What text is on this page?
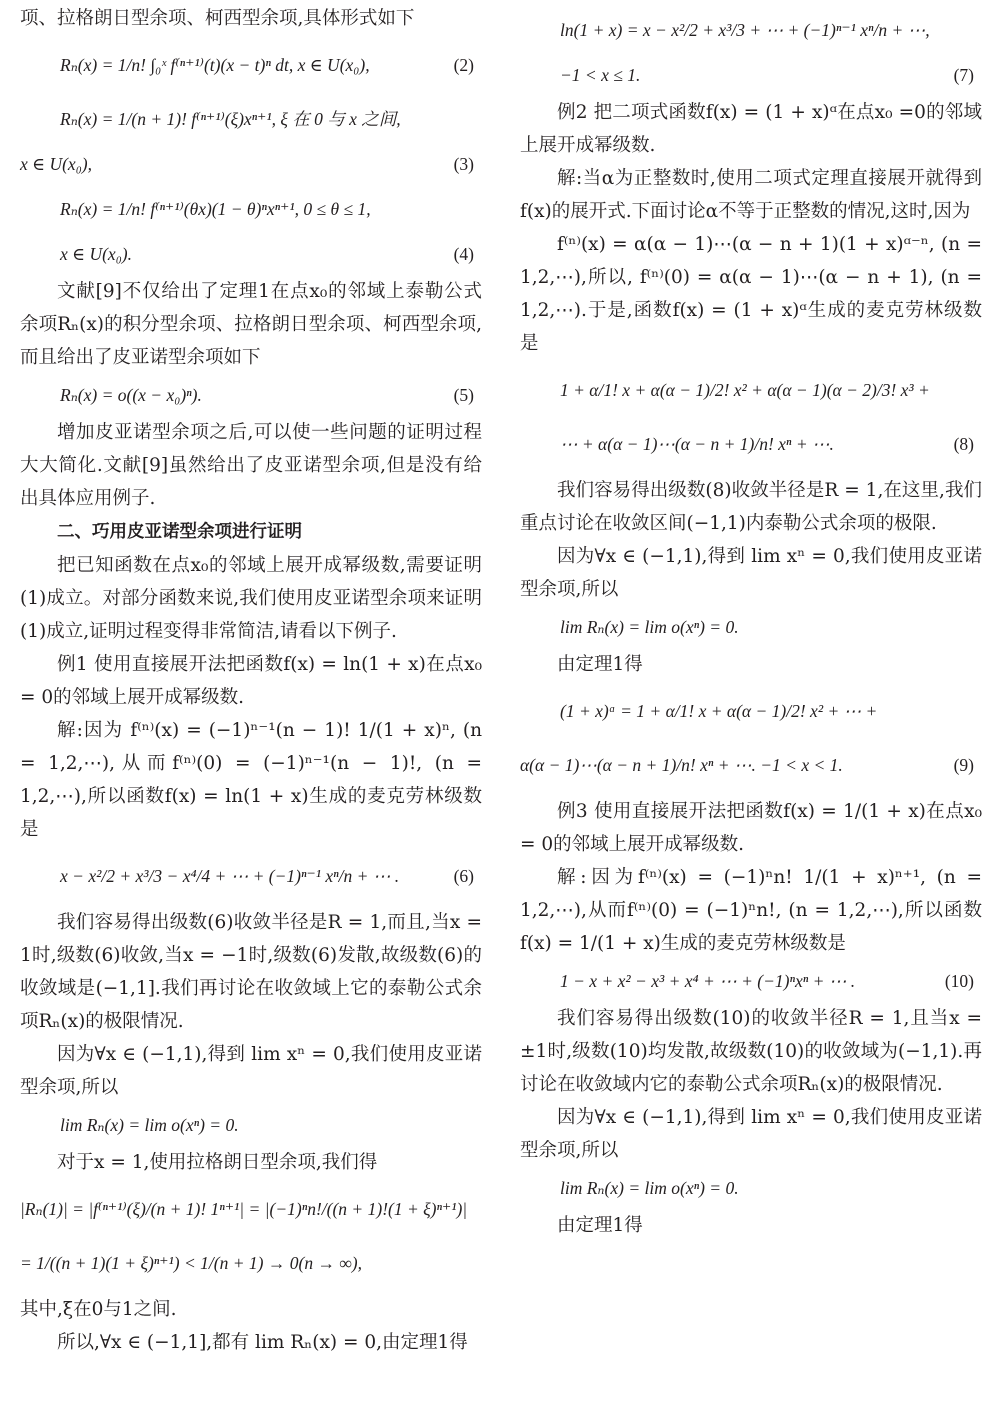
项、拉格朗日型余项、柯西型余项,具体形式如下

Rₙ(x) = 1/n! ∫₀ˣ f⁽ⁿ⁺¹⁾(t)(x − t)ⁿ dt, x ∈ U(x₀),	(2)
Rₙ(x) = 1/(n + 1)! f⁽ⁿ⁺¹⁾(ξ)xⁿ⁺¹, ξ 在 0 与 x 之间,
x ∈ U(x₀),	(3)
Rₙ(x) = 1/n! f⁽ⁿ⁺¹⁾(θx)(1 − θ)ⁿxⁿ⁺¹, 0 ≤ θ ≤ 1,
x ∈ U(x₀).	(4)

文献[9]不仅给出了定理1在点x₀的邻域上泰勒公式余项Rₙ(x)的积分型余项、拉格朗日型余项、柯西型余项,而且给出了皮亚诺型余项如下

Rₙ(x) = o((x − x₀)ⁿ).	(5)

增加皮亚诺型余项之后,可以使一些问题的证明过程大大简化.文献[9]虽然给出了皮亚诺型余项,但是没有给出具体应用例子.

二、巧用皮亚诺型余项进行证明

把已知函数在点x₀的邻域上展开成幂级数,需要证明(1)成立。对部分函数来说,我们使用皮亚诺型余项来证明(1)成立,证明过程变得非常简洁,请看以下例子.

例1 使用直接展开法把函数f(x) = ln(1 + x)在点x₀ = 0的邻域上展开成幂级数.

解:因为 f⁽ⁿ⁾(x) = (−1)ⁿ⁻¹(n − 1)! 1/(1 + x)ⁿ, (n = 1,2,⋯),从而f⁽ⁿ⁾(0) = (−1)ⁿ⁻¹(n − 1)!, (n = 1,2,⋯),所以函数f(x) = ln(1 + x)生成的麦克劳林级数是

x − x²/2 + x³/3 − x⁴/4 + ⋯ + (−1)ⁿ⁻¹ xⁿ/n + ⋯ .	(6)

我们容易得出级数(6)收敛半径是R = 1,而且,当x = 1时,级数(6)收敛,当x = −1时,级数(6)发散,故级数(6)的收敛域是(−1,1].我们再讨论在收敛域上它的泰勒公式余项Rₙ(x)的极限情况.

因为∀x ∈ (−1,1),得到 lim xⁿ = 0,我们使用皮亚诺型余项,所以

lim Rₙ(x) = lim o(xⁿ) = 0.

对于x = 1,使用拉格朗日型余项,我们得

|Rₙ(1)| = |f⁽ⁿ⁺¹⁾(ξ)/(n + 1)! 1ⁿ⁺¹| = |(−1)ⁿn!/((n + 1)!(1 + ξ)ⁿ⁺¹)|
= 1/((n + 1)(1 + ξ)ⁿ⁺¹) < 1/(n + 1) → 0(n → ∞),

其中,ξ在0与1之间.

所以,∀x ∈ (−1,1],都有 lim Rₙ(x) = 0,由定理1得

ln(1 + x) = x − x²/2 + x³/3 + ⋯ + (−1)ⁿ⁻¹ xⁿ/n + ⋯,
−1 < x ≤ 1.	(7)

例2 把二项式函数f(x) = (1 + x)ᵅ在点x₀ =0的邻域上展开成幂级数.

解:当α为正整数时,使用二项式定理直接展开就得到f(x)的展开式.下面讨论α不等于正整数的情况,这时,因为

f⁽ⁿ⁾(x) = α(α − 1)⋯(α − n + 1)(1 + x)ᵅ⁻ⁿ, (n = 1,2,⋯),所以, f⁽ⁿ⁾(0) = α(α − 1)⋯(α − n + 1), (n = 1,2,⋯).于是,函数f(x) = (1 + x)ᵅ生成的麦克劳林级数是

1 + α/1! x + α(α − 1)/2! x² + α(α − 1)(α − 2)/3! x³ +
⋯ + α(α − 1)⋯(α − n + 1)/n! xⁿ + ⋯.	(8)

我们容易得出级数(8)收敛半径是R = 1,在这里,我们重点讨论在收敛区间(−1,1)内泰勒公式余项的极限.

因为∀x ∈ (−1,1),得到 lim xⁿ = 0,我们使用皮亚诺型余项,所以

lim Rₙ(x) = lim o(xⁿ) = 0.

由定理1得

(1 + x)ᵅ = 1 + α/1! x + α(α − 1)/2! x² + ⋯ +
α(α − 1)⋯(α − n + 1)/n! xⁿ + ⋯. −1 < x < 1.	(9)

例3 使用直接展开法把函数f(x) = 1/(1 + x)在点x₀ = 0的邻域上展开成幂级数.

解:因为f⁽ⁿ⁾(x) = (−1)ⁿn! 1/(1 + x)ⁿ⁺¹, (n = 1,2,⋯),从而f⁽ⁿ⁾(0) = (−1)ⁿn!, (n = 1,2,⋯),所以函数 f(x) = 1/(1 + x)生成的麦克劳林级数是

1 − x + x² − x³ + x⁴ + ⋯ + (−1)ⁿxⁿ + ⋯ .	(10)

我们容易得出级数(10)的收敛半径R = 1,且当x = ±1时,级数(10)均发散,故级数(10)的收敛域为(−1,1).再讨论在收敛域内它的泰勒公式余项Rₙ(x)的极限情况.

因为∀x ∈ (−1,1),得到 lim xⁿ = 0,我们使用皮亚诺型余项,所以

lim Rₙ(x) = lim o(xⁿ) = 0.

由定理1得
